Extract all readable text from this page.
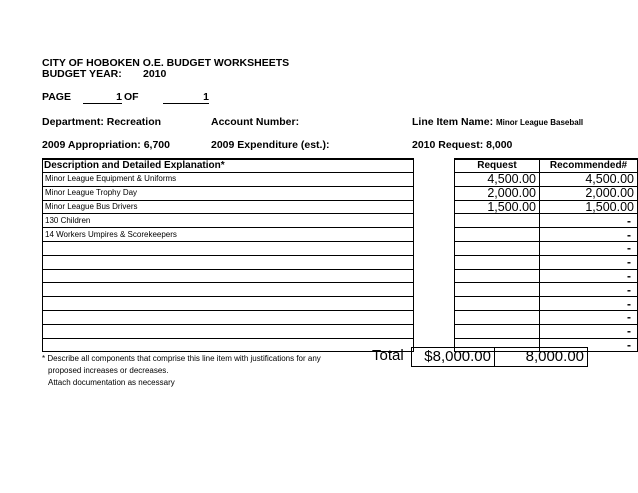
CITY OF HOBOKEN O.E. BUDGET WORKSHEETS
BUDGET YEAR: 2010
PAGE	1 OF	1
Department: Recreation	Account Number:	Line Item Name: Minor League Baseball
2009 Appropriation: 6,700	2009 Expenditure (est.):	2010 Request: 8,000
Description and Detailed Explanation*		Request	Recommended#
Minor League Equipment & Uniforms		4,500.00	4,500.00
Minor League Trophy Day		2,000.00	2,000.00
Minor League Bus Drivers		1,500.00	1,500.00
130 Children			-
14 Workers Umpires & Scorekeepers			-
			-
			-
			-
			-
			-
			-
			-
			-
Total	$8,000.00	8,000.00
* Describe all components that comprise this line item with justifications for any
proposed increases or decreases.
Attach documentation as necessary
